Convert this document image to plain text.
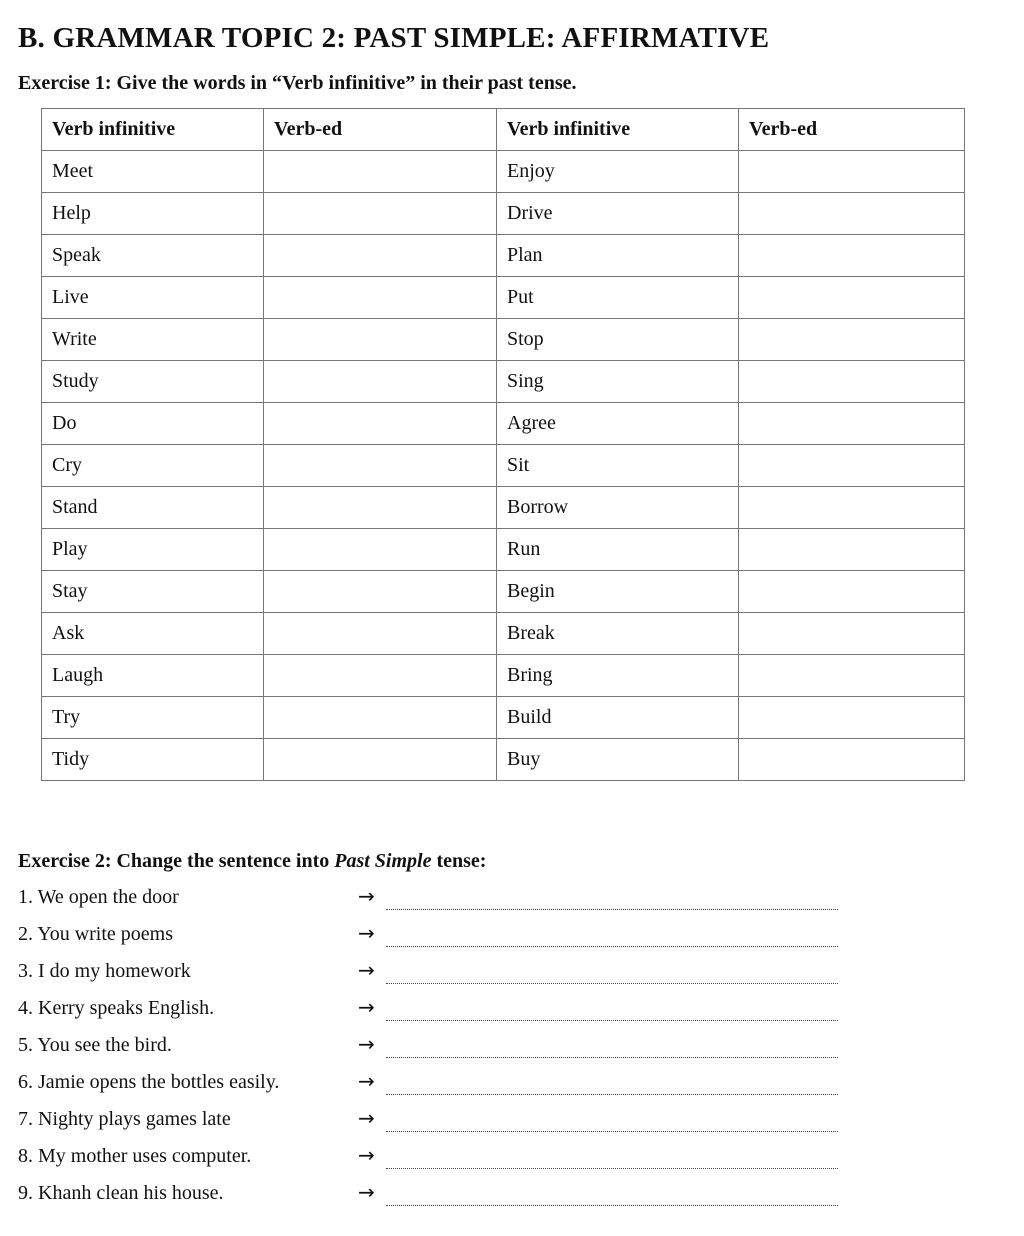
B. GRAMMAR TOPIC 2: PAST SIMPLE: AFFIRMATIVE
Exercise 1: Give the words in “Verb infinitive” in their past tense.
Verb infinitive	Verb-ed	Verb infinitive	Verb-ed
Meet		Enjoy	
Help		Drive	
Speak		Plan	
Live		Put	
Write		Stop	
Study		Sing	
Do		Agree	
Cry		Sit	
Stand		Borrow	
Play		Run	
Stay		Begin	
Ask		Break	
Laugh		Bring	
Try		Build	
Tidy		Buy	
Exercise 2: Change the sentence into Past Simple tense:
1. We open the door	→
2. You write poems	→
3. I do my homework	→
4. Kerry speaks English.	→
5. You see the bird.	→
6. Jamie opens the bottles easily.	→
7. Nighty plays games late	→
8. My mother uses computer.	→
9. Khanh clean his house.	→
